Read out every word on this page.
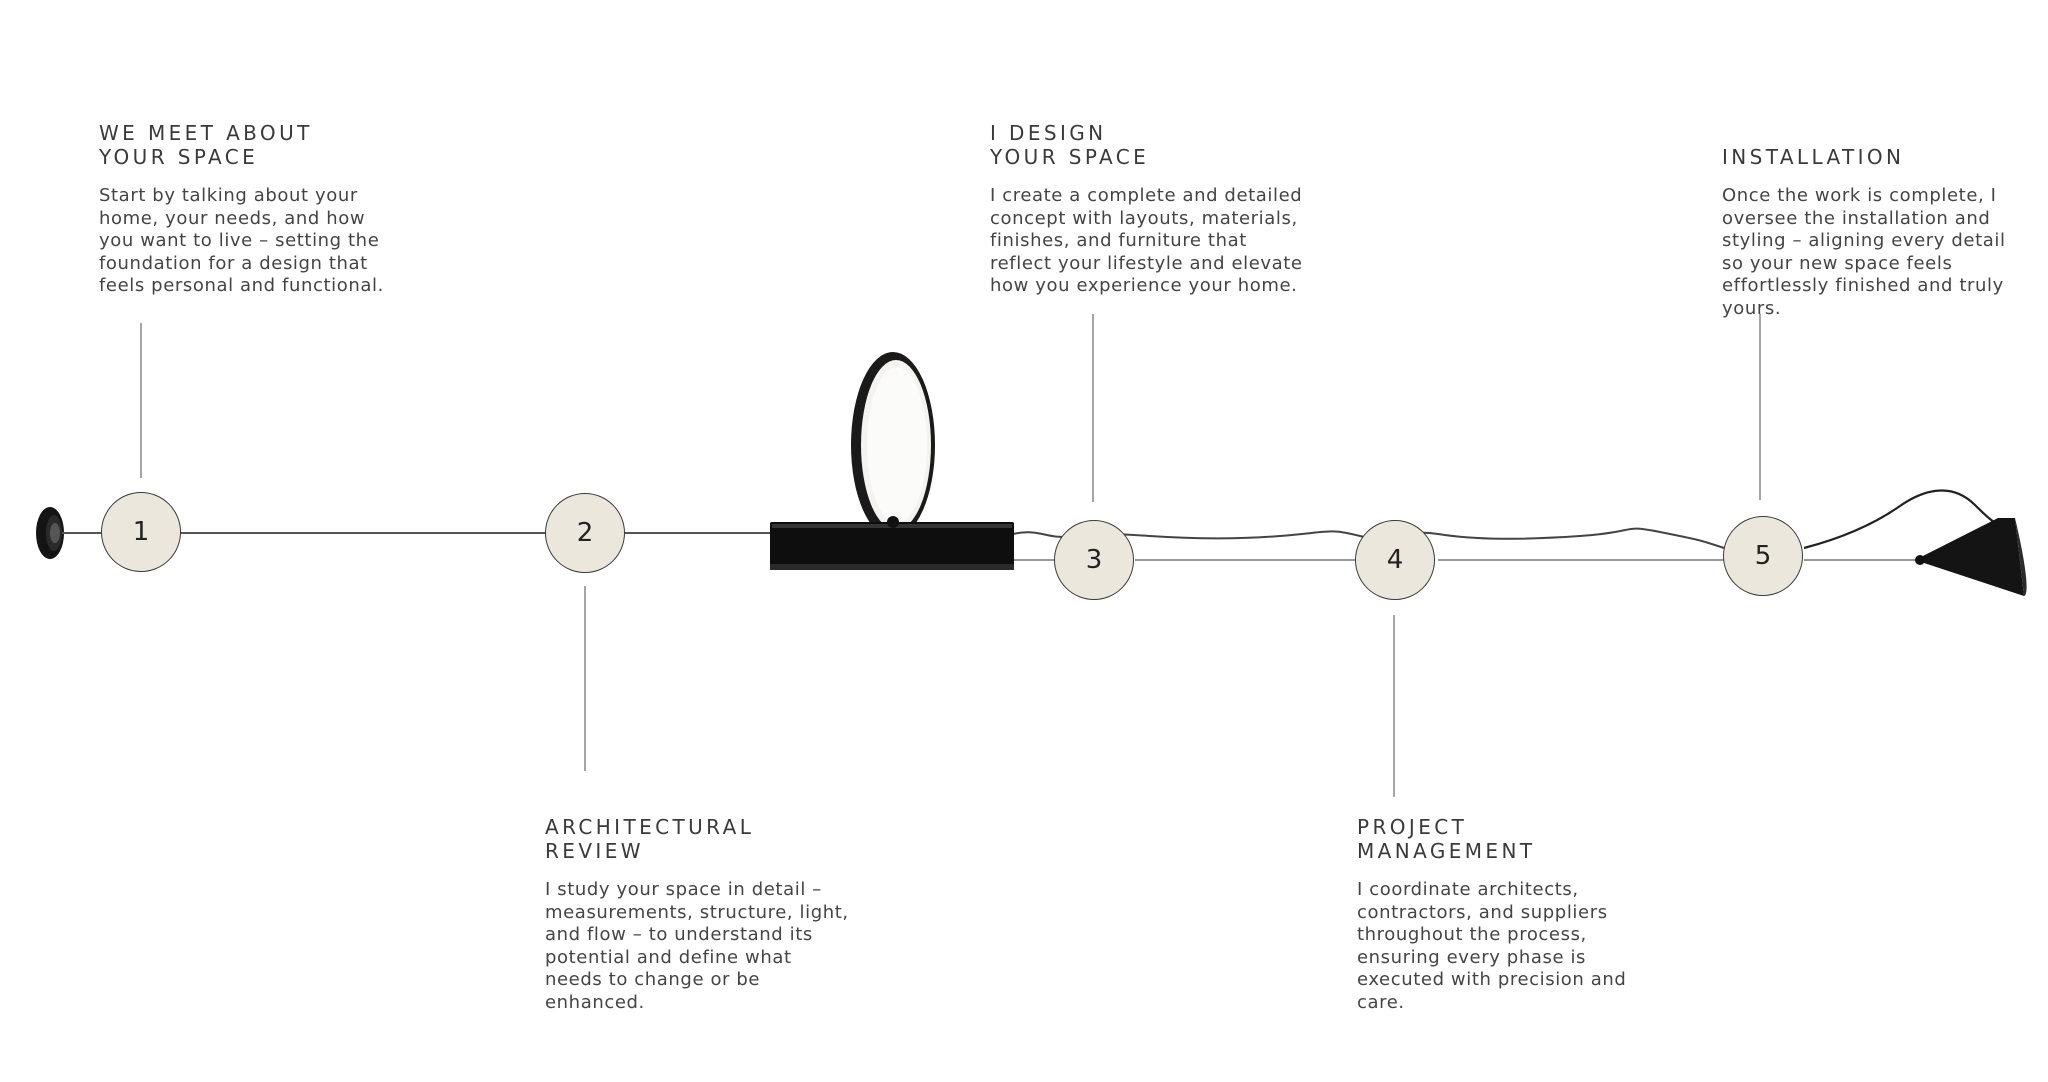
1	2
3	4	5

WE MEET ABOUT
YOUR SPACE

Start by talking about your home, your needs, and how you want to live – setting the foundation for a design that feels personal and functional.

ARCHITECTURAL
REVIEW

I study your space in detail – measurements, structure, light, and flow – to understand its potential and define what needs to change or be enhanced.

I DESIGN
YOUR SPACE

I create a complete and detailed concept with layouts, materials, finishes, and furniture that reflect your lifestyle and elevate how you experience your home.

PROJECT
MANAGEMENT

I coordinate architects, contractors, and suppliers throughout the process, ensuring every phase is executed with precision and care.

INSTALLATION

Once the work is complete, I oversee the installation and styling – aligning every detail so your new space feels effortlessly finished and truly yours.
